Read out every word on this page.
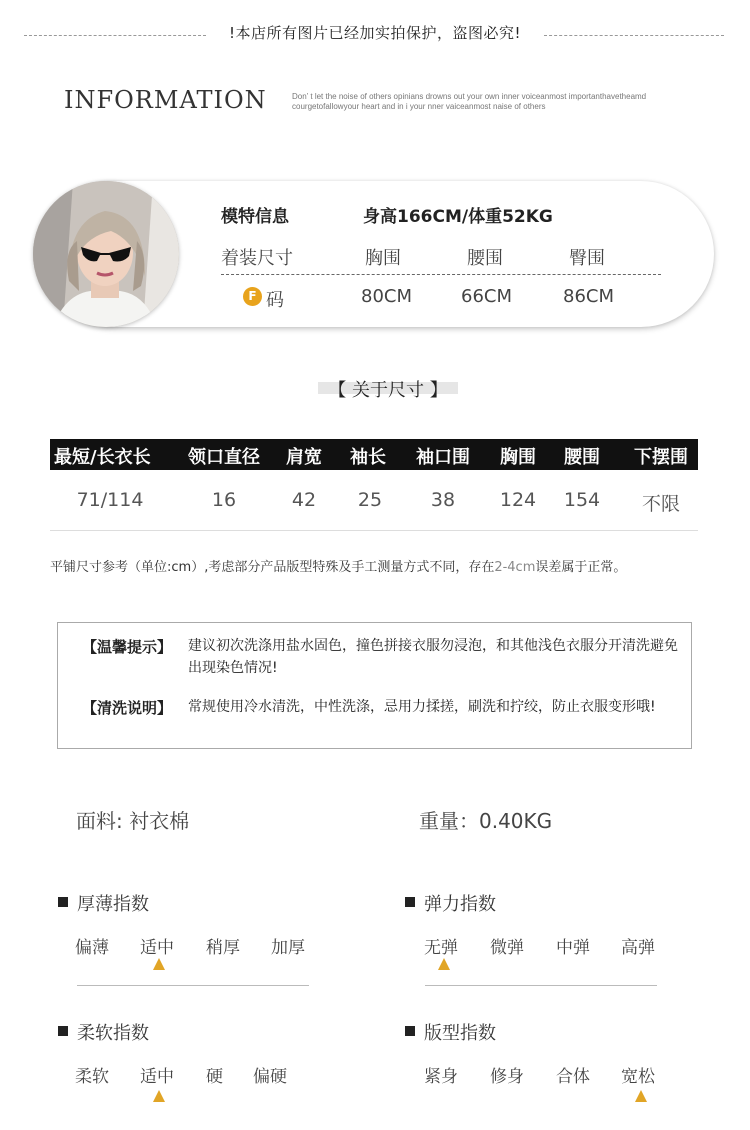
!本店所有图片已经加实拍保护，盗图必究!
INFORMATION	Don’ t let the noise of others opinians drowns out your own inner voiceanmost importanthavetheamd courgetofallowyour heart and in i your nner vaiceanmost naise of others
模特信息	身高166CM/体重52KG
着装尺寸	胸围	腰围	臀围
F 码	80CM	66CM	86CM
【 关于尺寸 】
最短/长衣长	领口直径	肩宽	袖长	袖口围	胸围	腰围	下摆围
71/114	16	42	25	38	124	154	不限
平铺尺寸参考（单位:cm）,考虑部分产品版型特殊及手工测量方式不同，存在2-4cm误差属于正常。
【温馨提示】 建议初次洗涤用盐水固色，撞色拼接衣服勿浸泡，和其他浅色衣服分开清洗避免出现染色情况!
【清洗说明】 常规使用冷水清洗，中性洗涤，忌用力揉搓，刷洗和拧绞，防止衣服变形哦!
面料: 衬衣棉	重量：0.40KG
厚薄指数
偏薄 适中 稍厚 加厚
弹力指数
无弹 微弹 中弹 高弹
柔软指数
柔软 适中 硬 偏硬
版型指数
紧身 修身 合体 宽松
